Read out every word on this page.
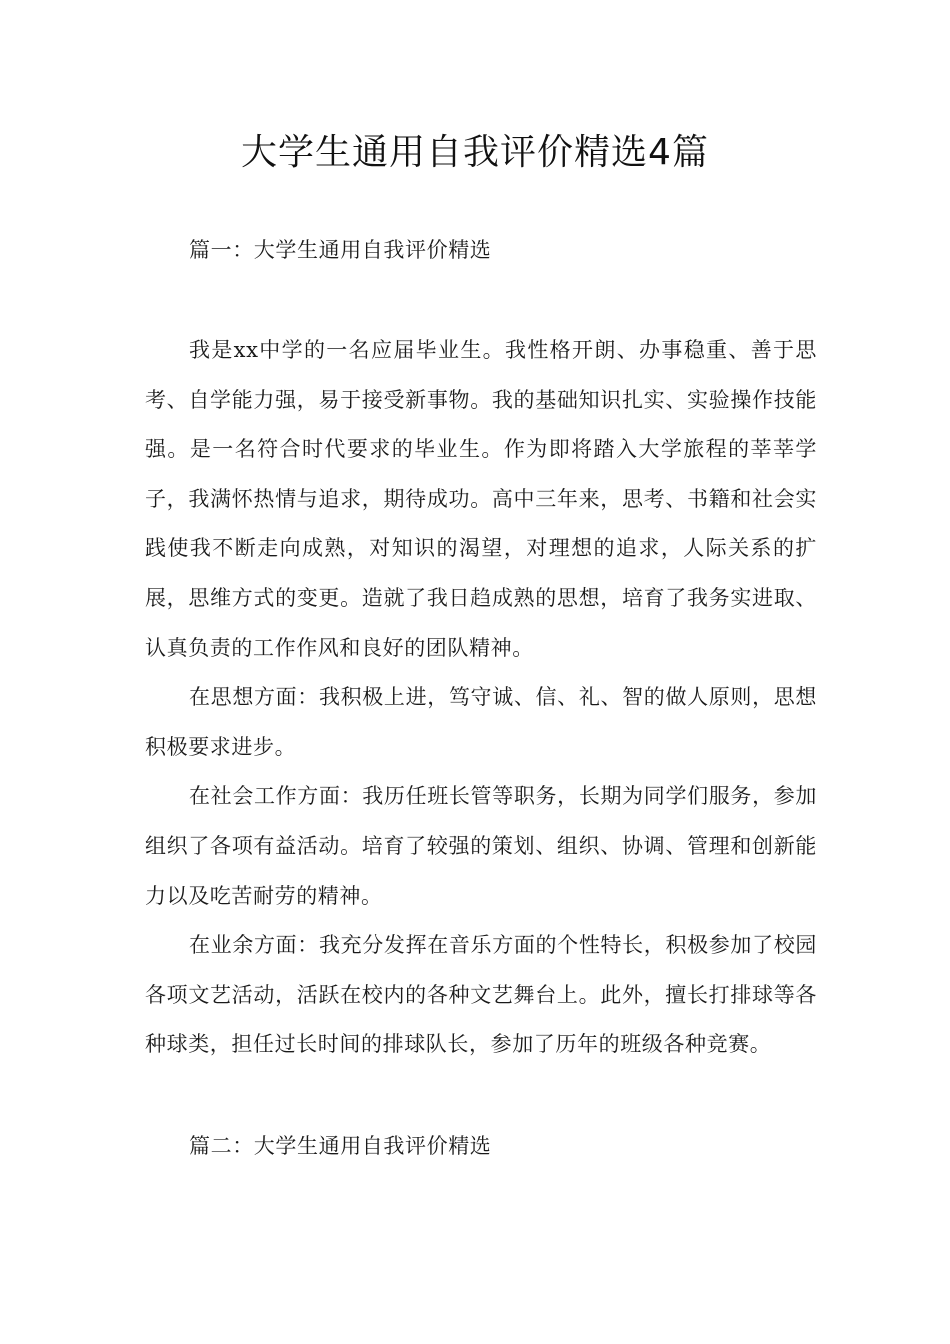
大学生通用自我评价精选4篇

篇一：大学生通用自我评价精选

我是xx中学的一名应届毕业生。我性格开朗、办事稳重、善于思考、自学能力强，易于接受新事物。我的基础知识扎实、实验操作技能强。是一名符合时代要求的毕业生。作为即将踏入大学旅程的莘莘学子，我满怀热情与追求，期待成功。高中三年来，思考、书籍和社会实践使我不断走向成熟，对知识的渴望，对理想的追求，人际关系的扩展，思维方式的变更。造就了我日趋成熟的思想，培育了我务实进取、认真负责的工作作风和良好的团队精神。

在思想方面：我积极上进，笃守诚、信、礼、智的做人原则，思想积极要求进步。

在社会工作方面：我历任班长管等职务，长期为同学们服务，参加组织了各项有益活动。培育了较强的策划、组织、协调、管理和创新能力以及吃苦耐劳的精神。

在业余方面：我充分发挥在音乐方面的个性特长，积极参加了校园各项文艺活动，活跃在校内的各种文艺舞台上。此外，擅长打排球等各种球类，担任过长时间的排球队长，参加了历年的班级各种竞赛。

篇二：大学生通用自我评价精选
